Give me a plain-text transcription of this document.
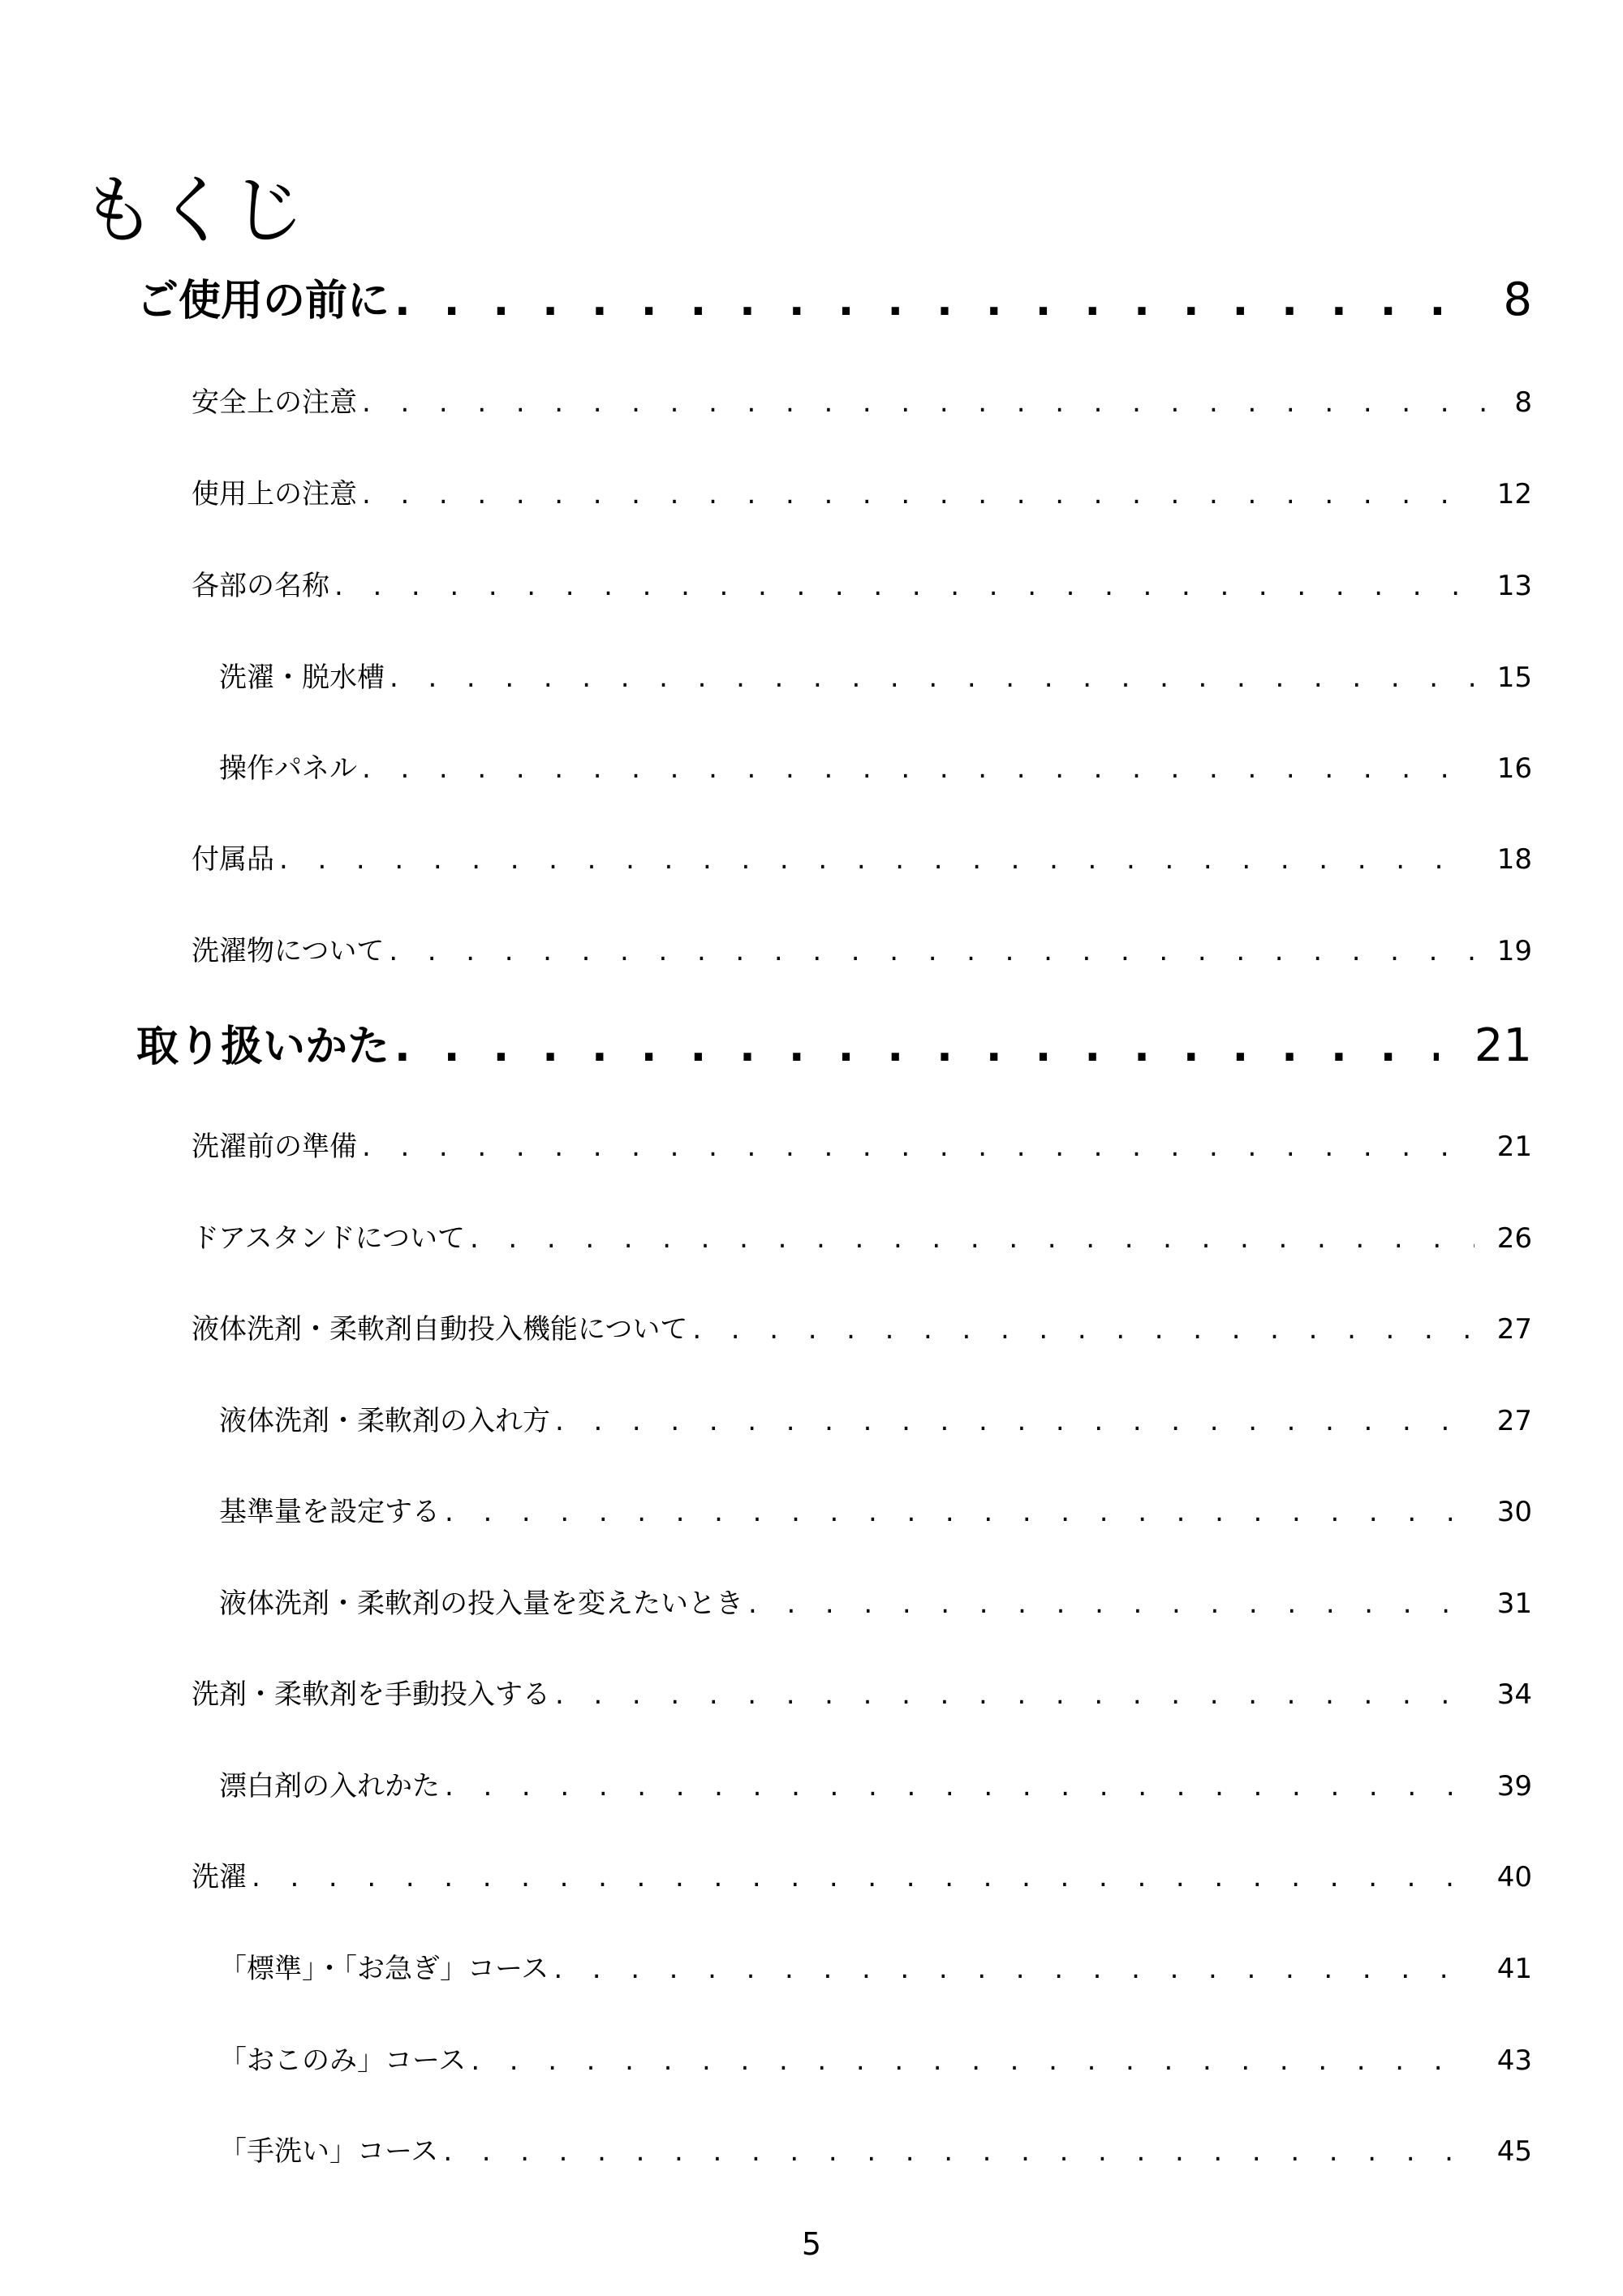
もくじ
ご使用の前に . . .	8
安全上の注意 . . .	8
使用上の注意 . . .	12
各部の名称 . . .	13
洗濯・脱水槽 . . .	15
操作パネル . . .	16
付属品 . . .	18
洗濯物について . . .	19
取り扱いかた . . .	21
洗濯前の準備 . . .	21
ドアスタンドについて . . .	26
液体洗剤・柔軟剤自動投入機能について . . .	27
液体洗剤・柔軟剤の入れ方 . . .	27
基準量を設定する . . .	30
液体洗剤・柔軟剤の投入量を変えたいとき . . .	31
洗剤・柔軟剤を手動投入する . . .	34
漂白剤の入れかた . . .	39
洗濯 . . .	40
「標準」・「お急ぎ」コース . . .	41
「おこのみ」コース . . .	43
「手洗い」コース . . .	45
5
